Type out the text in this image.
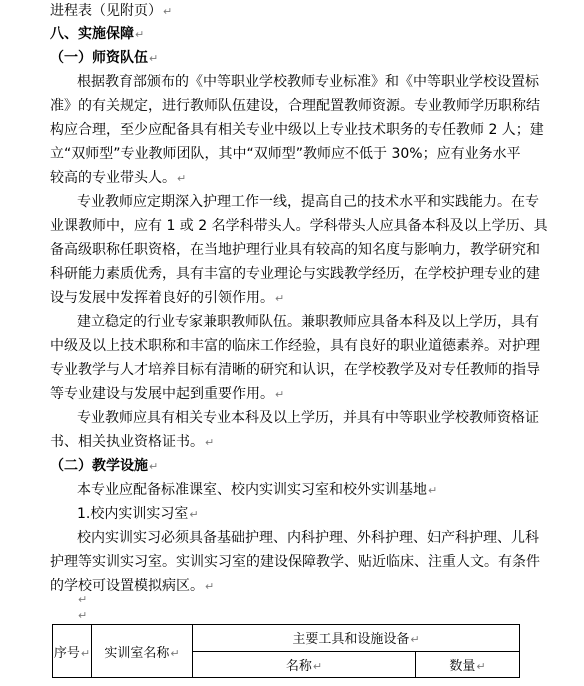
进程表（见附页）↵
八、实施保障↵
（一）师资队伍↵
根据教育部颁布的《中等职业学校教师专业标准》和《中等职业学校设置标
准》的有关规定，进行教师队伍建设，合理配置教师资源。专业教师学历职称结
构应合理，至少应配备具有相关专业中级以上专业技术职务的专任教师 2 人；建
立“双师型”专业教师团队，其中“双师型”教师应不低于 30%；应有业务水平
较高的专业带头人。↵
专业教师应定期深入护理工作一线，提高自己的技术水平和实践能力。在专
业课教师中，应有 1 或 2 名学科带头人。学科带头人应具备本科及以上学历、具
备高级职称任职资格，在当地护理行业具有较高的知名度与影响力，教学研究和
科研能力素质优秀，具有丰富的专业理论与实践教学经历，在学校护理专业的建
设与发展中发挥着良好的引领作用。↵
建立稳定的行业专家兼职教师队伍。兼职教师应具备本科及以上学历，具有
中级及以上技术职称和丰富的临床工作经验，具有良好的职业道德素养。对护理
专业教学与人才培养目标有清晰的研究和认识，在学校教学及对专任教师的指导
等专业建设与发展中起到重要作用。↵
专业教师应具有相关专业本科及以上学历，并具有中等职业学校教师资格证
书、相关执业资格证书。↵
（二）教学设施↵
本专业应配备标准课室、校内实训实习室和校外实训基地↵
1.校内实训实习室↵
校内实训实习必须具备基础护理、内科护理、外科护理、妇产科护理、儿科
护理等实训实习室。实训实习室的建设保障教学、贴近临床、注重人文。有条件
的学校可设置模拟病区。↵
↵
↵
序号↵	实训室名称↵	主要工具和设施设备↵	
		名称↵	数量↵
